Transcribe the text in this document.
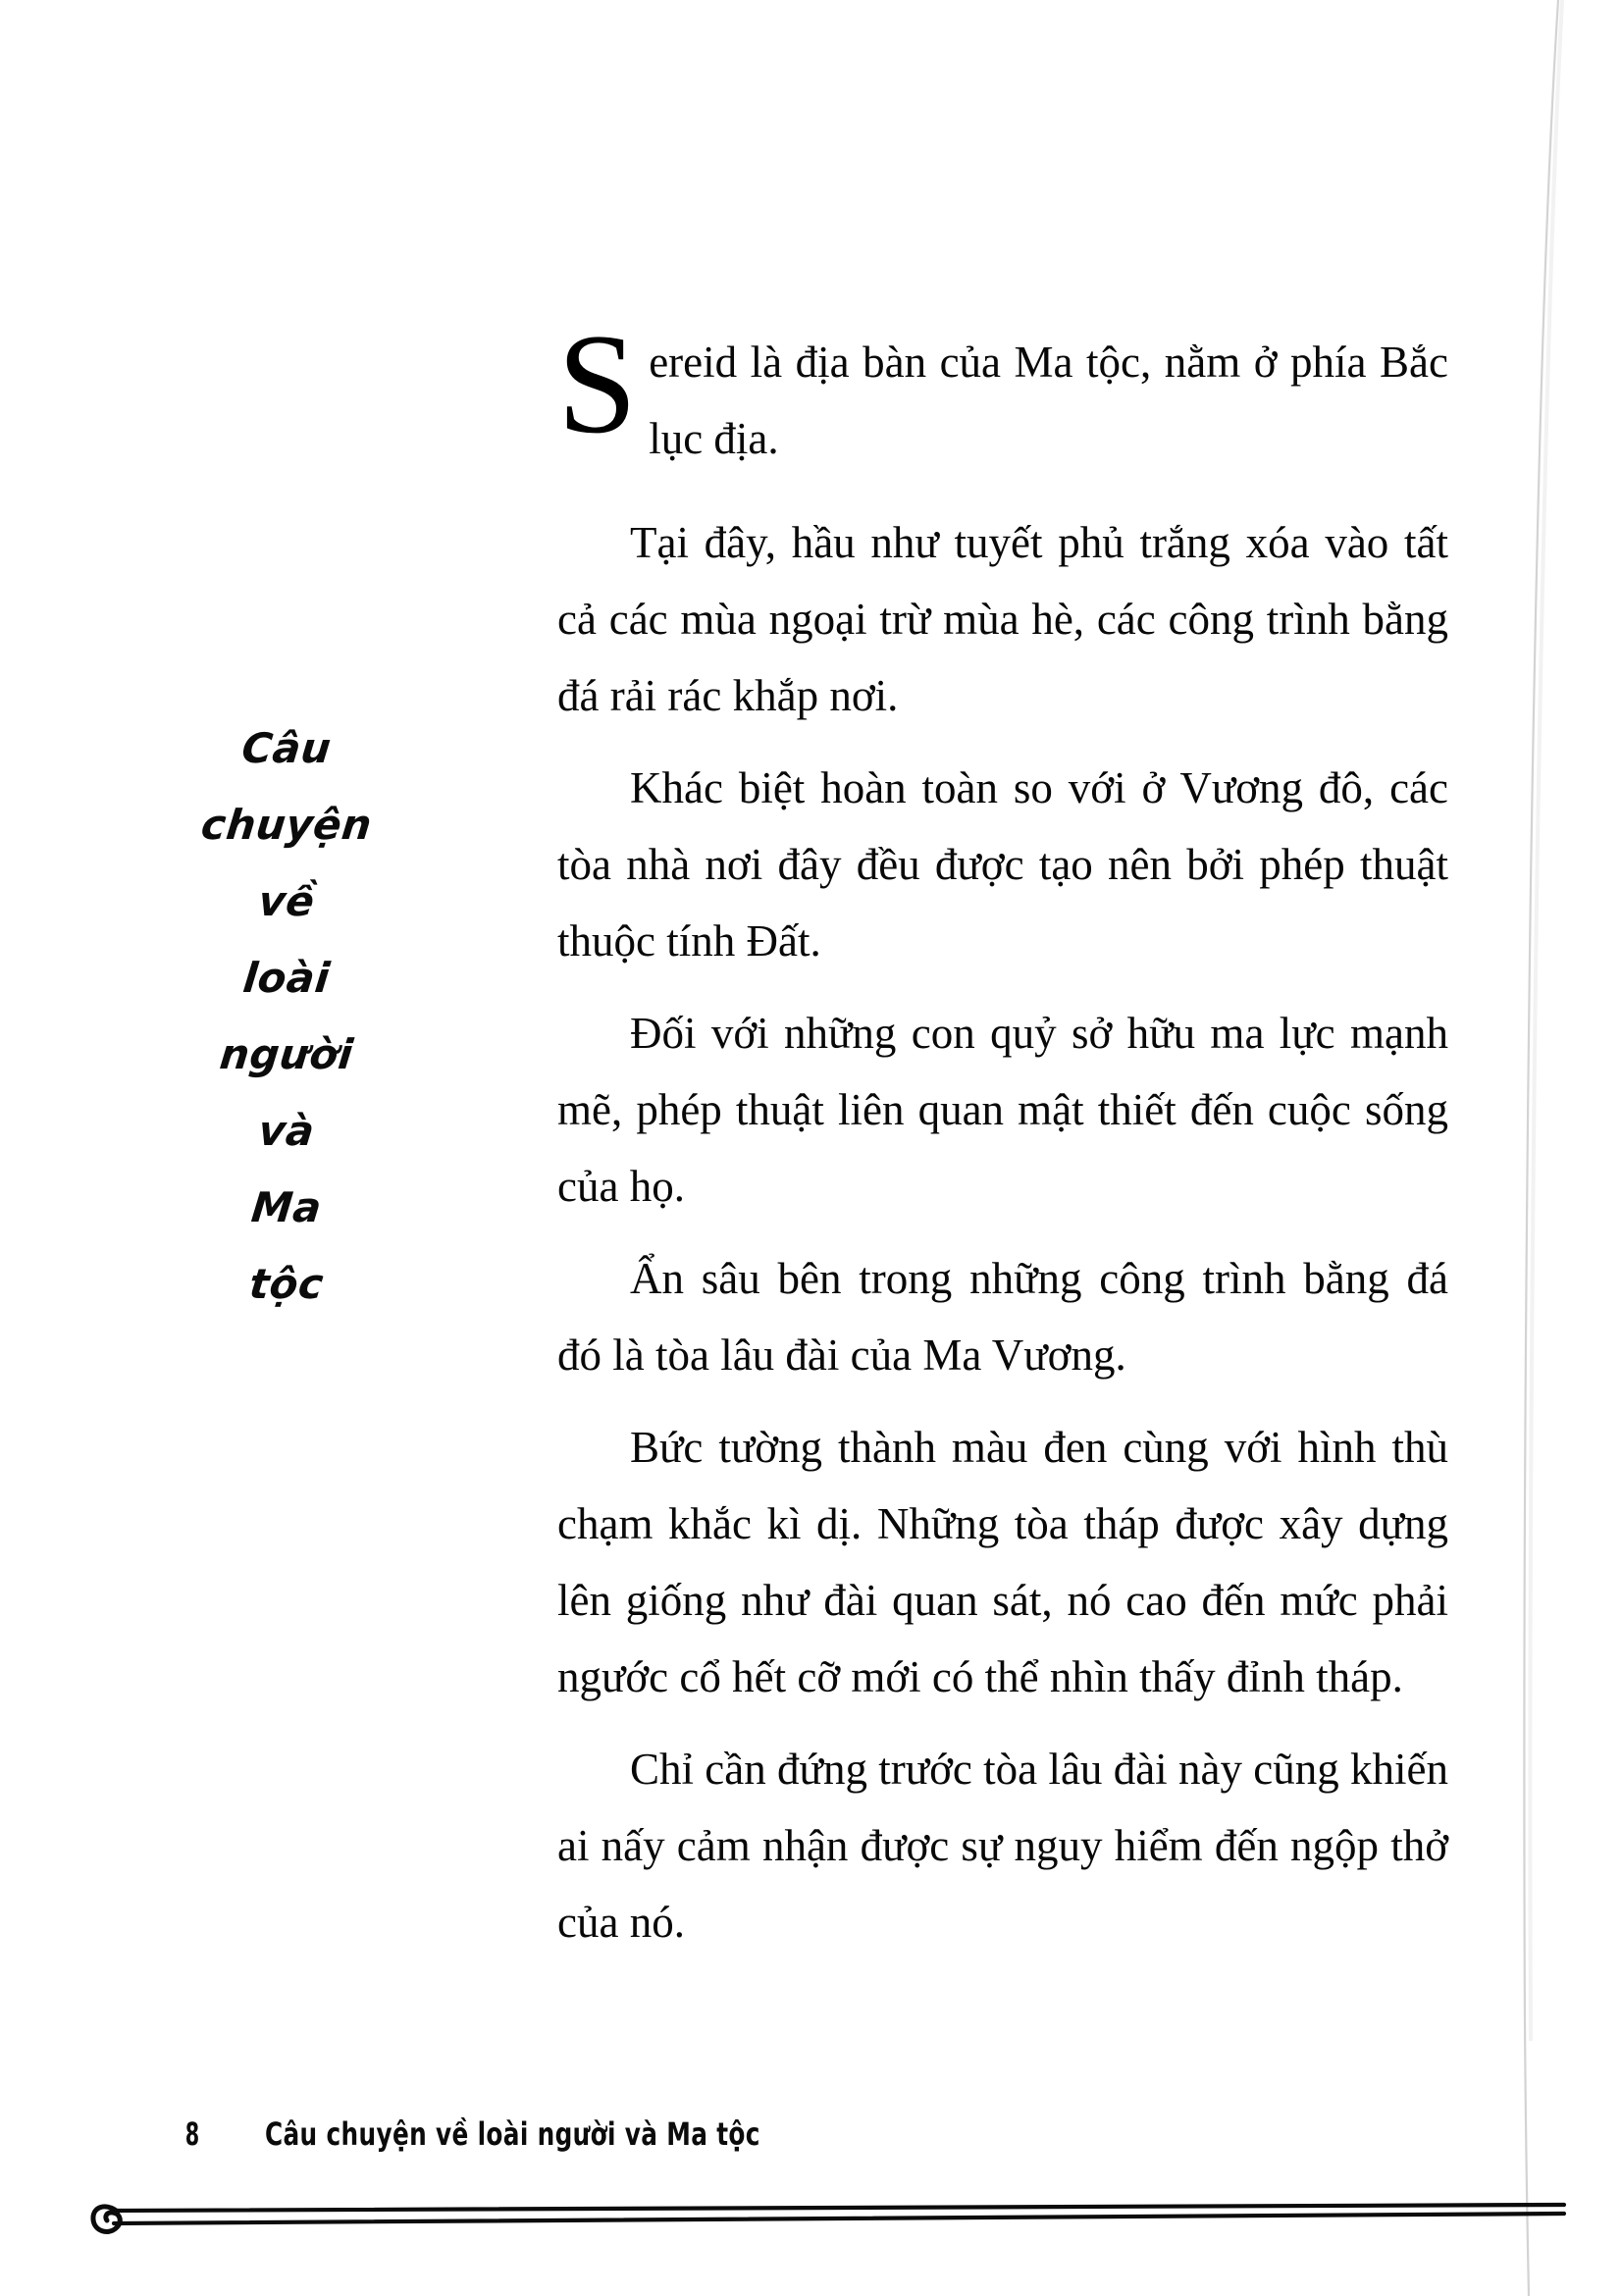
Câu
chuyện
về
loài
người
và
Ma
tộc

Sereid là địa bàn của Ma tộc, nằm ở phía Bắc lục địa.

Tại đây, hầu như tuyết phủ trắng xóa vào tất cả các mùa ngoại trừ mùa hè, các công trình bằng đá rải rác khắp nơi.

Khác biệt hoàn toàn so với ở Vương đô, các tòa nhà nơi đây đều được tạo nên bởi phép thuật thuộc tính Đất.

Đối với những con quỷ sở hữu ma lực mạnh mẽ, phép thuật liên quan mật thiết đến cuộc sống của họ.

Ẩn sâu bên trong những công trình bằng đá đó là tòa lâu đài của Ma Vương.

Bức tường thành màu đen cùng với hình thù chạm khắc kì dị. Những tòa tháp được xây dựng lên giống như đài quan sát, nó cao đến mức phải ngước cổ hết cỡ mới có thể nhìn thấy đỉnh tháp.

Chỉ cần đứng trước tòa lâu đài này cũng khiến ai nấy cảm nhận được sự nguy hiểm đến ngộp thở của nó.

8	Câu chuyện về loài người và Ma tộc
